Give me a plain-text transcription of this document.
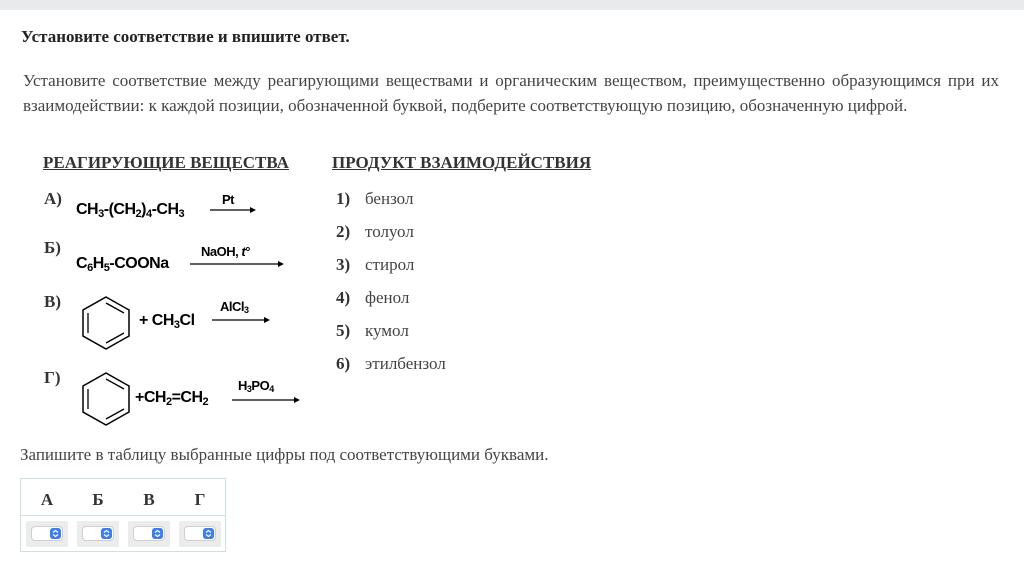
Установите соответствие и впишите ответ.
Установите соответствие между реагирующими веществами и органическим веществом, преимущественно образующимся при их взаимодействии: к каждой позиции, обозначенной буквой, подберите соответствующую позицию, обозначенную цифрой.
РЕАГИРУЮЩИЕ ВЕЩЕСТВА	ПРОДУКТ ВЗАИМОДЕЙСТВИЯ
А)
$CH_3-(CH_2)_4-CH_3$
Pt
Б)
$C_6H_5$-COONa
NaOH, t°
В)
+ $CH_3Cl$
AlCl$_3$
Г)
$+CH_2=CH_2$
$H_3PO_4$
1) бензол
2) толуол
3) стирол
4) фенол
5) кумол
6) этилбензол
Запишите в таблицу выбранные цифры под соответствующими буквами.
А	Б	В	Г
